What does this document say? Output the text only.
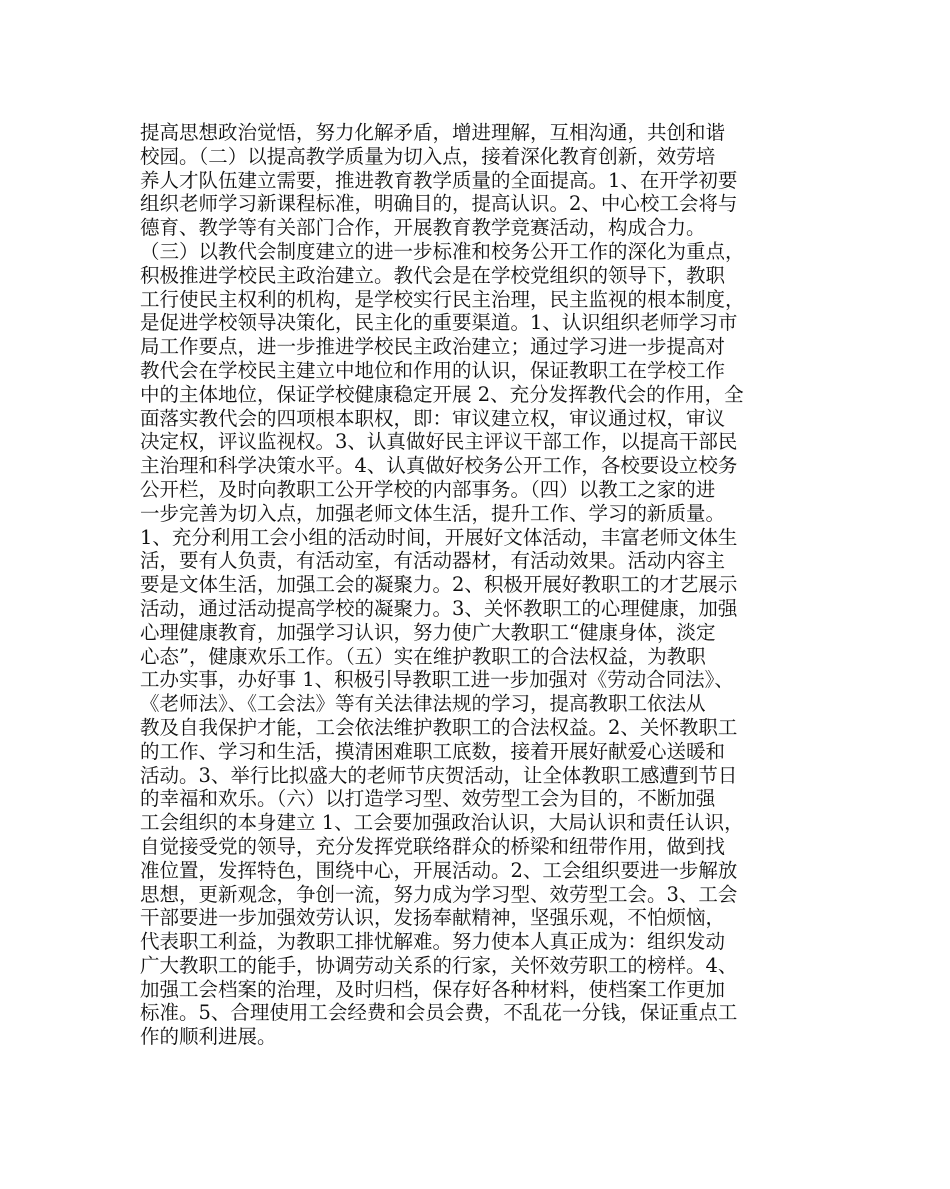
提高思想政治觉悟，努力化解矛盾，增进理解，互相沟通，共创和谐
校园。（二）以提高教学质量为切入点，接着深化教育创新，效劳培
养人才队伍建立需要，推进教育教学质量的全面提高。1、在开学初要
组织老师学习新课程标准，明确目的，提高认识。2、中心校工会将与
德育、教学等有关部门合作，开展教育教学竞赛活动，构成合力。
（三）以教代会制度建立的进一步标准和校务公开工作的深化为重点，
积极推进学校民主政治建立。教代会是在学校党组织的领导下，教职
工行使民主权利的机构，是学校实行民主治理，民主监视的根本制度，
是促进学校领导决策化，民主化的重要渠道。1、认识组织老师学习市
局工作要点，进一步推进学校民主政治建立；通过学习进一步提高对
教代会在学校民主建立中地位和作用的认识，保证教职工在学校工作
中的主体地位，保证学校健康稳定开展 2、充分发挥教代会的作用，全
面落实教代会的四项根本职权，即：审议建立权，审议通过权，审议
决定权，评议监视权。3、认真做好民主评议干部工作，以提高干部民
主治理和科学决策水平。4、认真做好校务公开工作，各校要设立校务
公开栏，及时向教职工公开学校的内部事务。（四）以教工之家的进
一步完善为切入点，加强老师文体生活，提升工作、学习的新质量。
1、充分利用工会小组的活动时间，开展好文体活动，丰富老师文体生
活，要有人负责，有活动室，有活动器材，有活动效果。活动内容主
要是文体生活，加强工会的凝聚力。2、积极开展好教职工的才艺展示
活动，通过活动提高学校的凝聚力。3、关怀教职工的心理健康，加强
心理健康教育，加强学习认识，努力使广大教职工“健康身体，淡定
心态”，健康欢乐工作。（五）实在维护教职工的合法权益，为教职
工办实事，办好事 1、积极引导教职工进一步加强对《劳动合同法》、
《老师法》、《工会法》等有关法律法规的学习，提高教职工依法从
教及自我保护才能，工会依法维护教职工的合法权益。2、关怀教职工
的工作、学习和生活，摸清困难职工底数，接着开展好献爱心送暖和
活动。3、举行比拟盛大的老师节庆贺活动，让全体教职工感遭到节日
的幸福和欢乐。（六）以打造学习型、效劳型工会为目的，不断加强
工会组织的本身建立 1、工会要加强政治认识，大局认识和责任认识，
自觉接受党的领导，充分发挥党联络群众的桥梁和纽带作用，做到找
准位置，发挥特色，围绕中心，开展活动。2、工会组织要进一步解放
思想，更新观念，争创一流，努力成为学习型、效劳型工会。3、工会
干部要进一步加强效劳认识，发扬奉献精神，坚强乐观，不怕烦恼，
代表职工利益，为教职工排忧解难。努力使本人真正成为：组织发动
广大教职工的能手，协调劳动关系的行家，关怀效劳职工的榜样。4、
加强工会档案的治理，及时归档，保存好各种材料，使档案工作更加
标准。5、合理使用工会经费和会员会费，不乱花一分钱，保证重点工
作的顺利进展。
